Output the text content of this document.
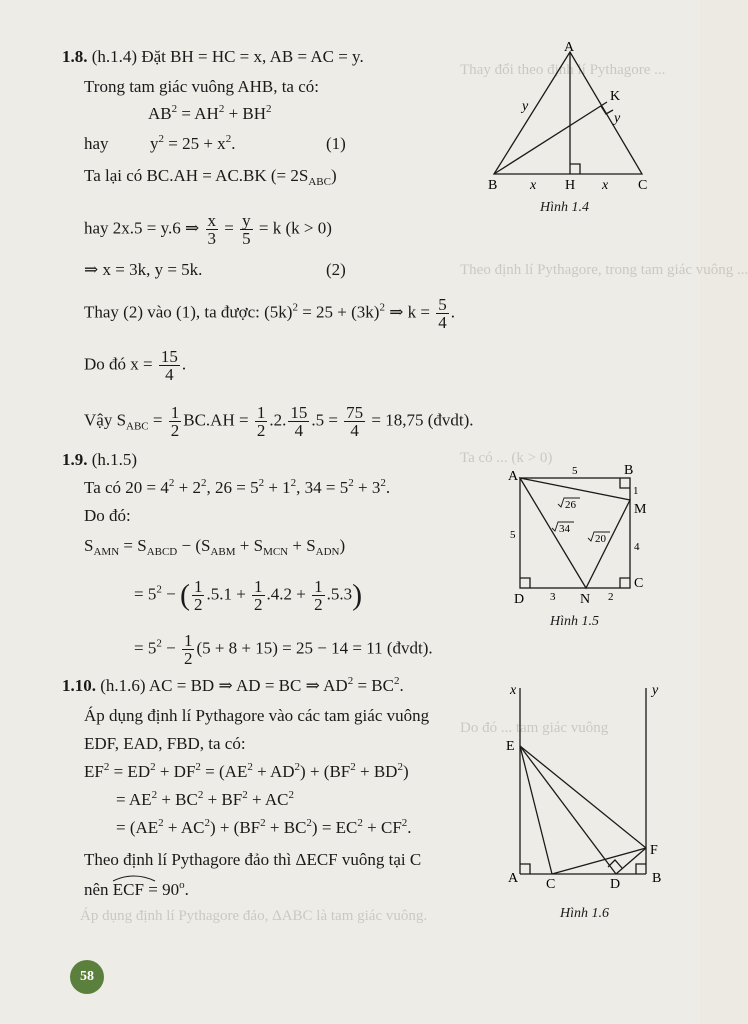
Thay đổi theo định lí Pythagore ...
Theo định lí Pythagore, trong tam giác vuông ...
Ta có ... (k > 0)
Do đó ... tam giác vuông
Áp dụng định lí Pythagore đảo, ΔABC là tam giác vuông.
1.8. (h.1.4) Đặt BH = HC = x, AB = AC = y.
Trong tam giác vuông AHB, ta có:
$AB^2 = AH^2 + BH^2$
hay $y^2 = 25 + x^2$.	(1)
Ta lại có BC.AH = AC.BK (= $2S_{ABC}$)
hay 2x.5 = y.6 ⇒ $\frac{x}{3} = \frac{y}{5} = k$ (k > 0)
⇒ x = 3k, y = 5k.	(2)
Thay (2) vào (1), ta được: $(5k)^2 = 25 + (3k)^2$ ⇒ $k = \frac{5}{4}$ .
Do đó $x = \frac{15}{4}$ .
Vậy $S_{ABC} = \frac{1}{2} BC.AH = \frac{1}{2} .2$. $\frac{15}{4} .5 = \frac{75}{4} = 18,75$ (đvdt).
1.9. (h.1.5)
Ta có $20 = 4^2 + 2^2$, $26 = 5^2 + 1^2$, $34 = 5^2 + 3^2$.
Do đó:
$S_{AMN} = S_{ABCD} - (S_{ABM} + S_{MCN} + S_{ADN})$
= $5^2$ − ( $\frac{1}{2} .5.1 + \frac{1}{2} .4.2 + \frac{1}{2} .5.3$)
= $5^2 - \frac{1}{2} (5 + 8 + 15) = 25 - 14 = 11$ (đvdt).
1.10. (h.1.6) AC = BD ⇒ AD = BC ⇒ $AD^2 = BC^2$.
Áp dụng định lí Pythagore vào các tam giác vuông
EDF, EAD, FBD, ta có:
$EF^2 = ED^2 + DF^2 = (AE^2 + AD^2) + (BF^2 + BD^2)$
= $AE^2 + BC^2 + BF^2 + AC^2$
= $(AE^2 + AC^2) + (BF^2 + BC^2) = EC^2 + CF^2$.
Theo định lí Pythagore đảo thì ΔECF vuông tại C
nên ECF = $90^o$.
A
B	C
H
K
y
y
x	x
Hình 1.4
A	B
C
D
M
N
5
5
1
4
3	2
26
34
20
Hình 1.5
x	y
E
F
A	B
C	D
Hình 1.6
58
